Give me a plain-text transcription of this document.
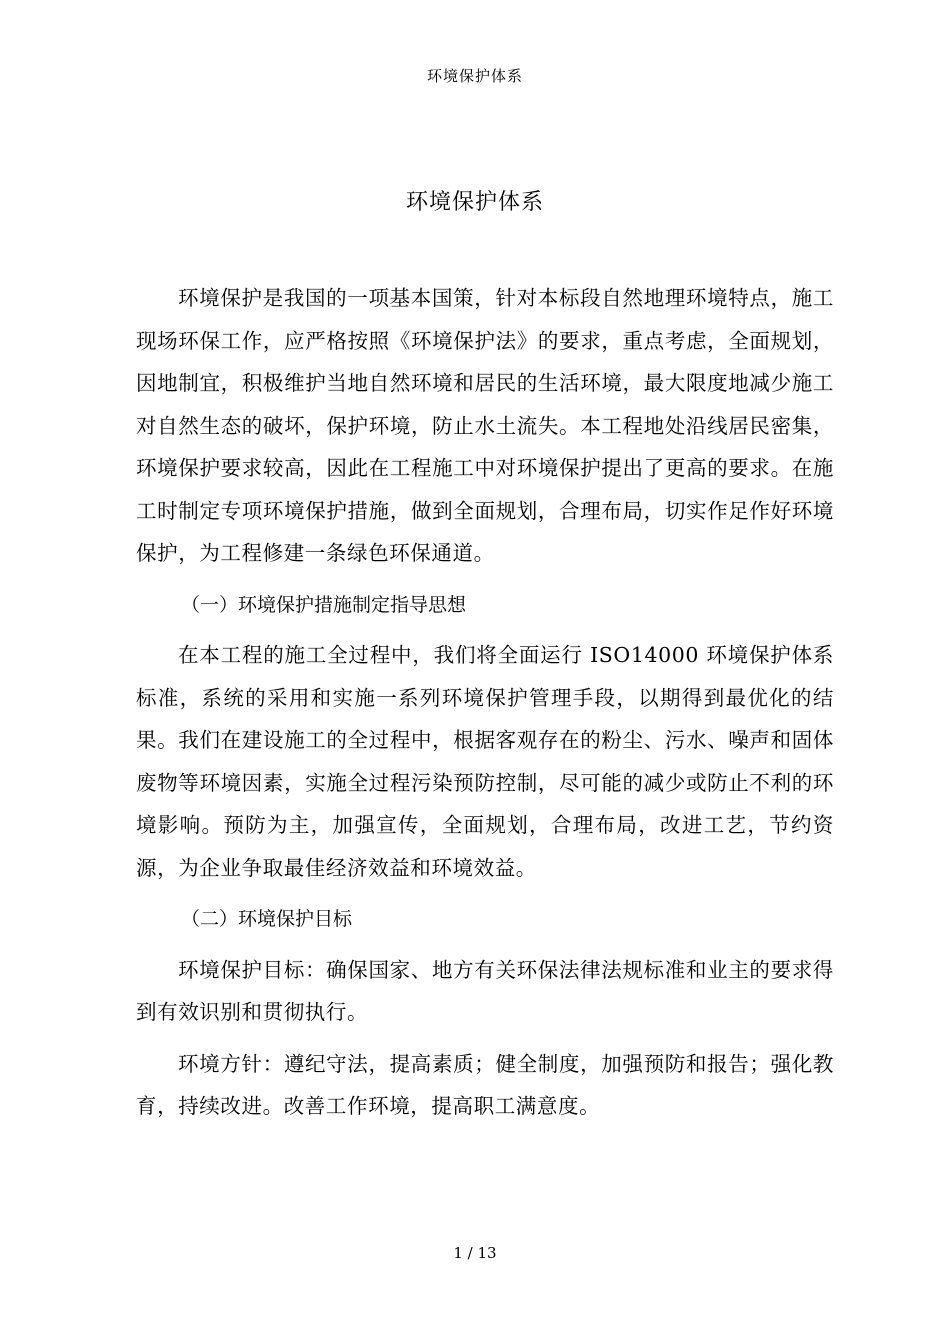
环境保护体系
环境保护体系

环境保护是我国的一项基本国策，针对本标段自然地理环境特点，施工现场环保工作，应严格按照《环境保护法》的要求，重点考虑，全面规划，因地制宜，积极维护当地自然环境和居民的生活环境，最大限度地减少施工对自然生态的破坏，保护环境，防止水土流失。本工程地处沿线居民密集，环境保护要求较高，因此在工程施工中对环境保护提出了更高的要求。在施工时制定专项环境保护措施，做到全面规划，合理布局，切实作足作好环境保护，为工程修建一条绿色环保通道。

（一）环境保护措施制定指导思想

在本工程的施工全过程中，我们将全面运行 ISO14000 环境保护体系标准，系统的采用和实施一系列环境保护管理手段，以期得到最优化的结果。我们在建设施工的全过程中，根据客观存在的粉尘、污水、噪声和固体废物等环境因素，实施全过程污染预防控制，尽可能的减少或防止不利的环境影响。预防为主，加强宣传，全面规划，合理布局，改进工艺，节约资源，为企业争取最佳经济效益和环境效益。

（二）环境保护目标

环境保护目标：确保国家、地方有关环保法律法规标准和业主的要求得到有效识别和贯彻执行。

环境方针：遵纪守法，提高素质；健全制度，加强预防和报告；强化教育，持续改进。改善工作环境，提高职工满意度。

1 / 13
